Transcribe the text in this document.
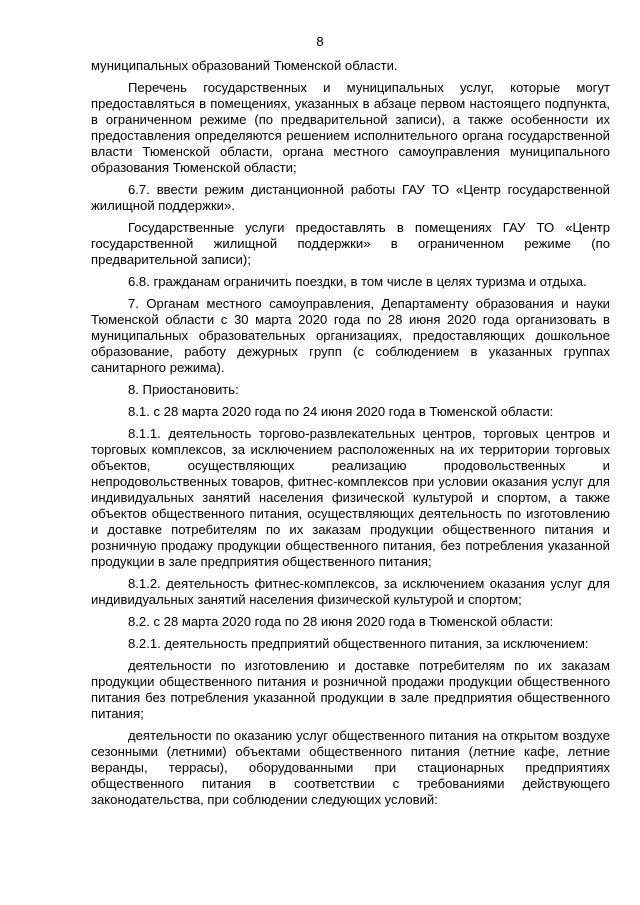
8

муниципальных образований Тюменской области.

Перечень государственных и муниципальных услуг, которые могут предоставляться в помещениях, указанных в абзаце первом настоящего подпункта, в ограниченном режиме (по предварительной записи), а также особенности их предоставления определяются решением исполнительного органа государственной власти Тюменской области, органа местного самоуправления муниципального образования Тюменской области;

6.7. ввести режим дистанционной работы ГАУ ТО «Центр государственной жилищной поддержки».

Государственные услуги предоставлять в помещениях ГАУ ТО «Центр государственной жилищной поддержки» в ограниченном режиме (по предварительной записи);

6.8. гражданам ограничить поездки, в том числе в целях туризма и отдыха.

7. Органам местного самоуправления, Департаменту образования и науки Тюменской области с 30 марта 2020 года по 28 июня 2020 года организовать в муниципальных образовательных организациях, предоставляющих дошкольное образование, работу дежурных групп (с соблюдением в указанных группах санитарного режима).

8. Приостановить:

8.1. с 28 марта 2020 года по 24 июня 2020 года в Тюменской области:

8.1.1. деятельность торгово-развлекательных центров, торговых центров и торговых комплексов, за исключением расположенных на их территории торговых объектов, осуществляющих реализацию продовольственных и непродовольственных товаров, фитнес-комплексов при условии оказания услуг для индивидуальных занятий населения физической культурой и спортом, а также объектов общественного питания, осуществляющих деятельность по изготовлению и доставке потребителям по их заказам продукции общественного питания и розничную продажу продукции общественного питания, без потребления указанной продукции в зале предприятия общественного питания;

8.1.2. деятельность фитнес-комплексов, за исключением оказания услуг для индивидуальных занятий населения физической культурой и спортом;

8.2. с 28 марта 2020 года по 28 июня 2020 года в Тюменской области:

8.2.1. деятельность предприятий общественного питания, за исключением:

деятельности по изготовлению и доставке потребителям по их заказам продукции общественного питания и розничной продажи продукции общественного питания без потребления указанной продукции в зале предприятия общественного питания;

деятельности по оказанию услуг общественного питания на открытом воздухе сезонными (летними) объектами общественного питания (летние кафе, летние веранды, террасы), оборудованными при стационарных предприятиях общественного питания в соответствии с требованиями действующего законодательства, при соблюдении следующих условий:
